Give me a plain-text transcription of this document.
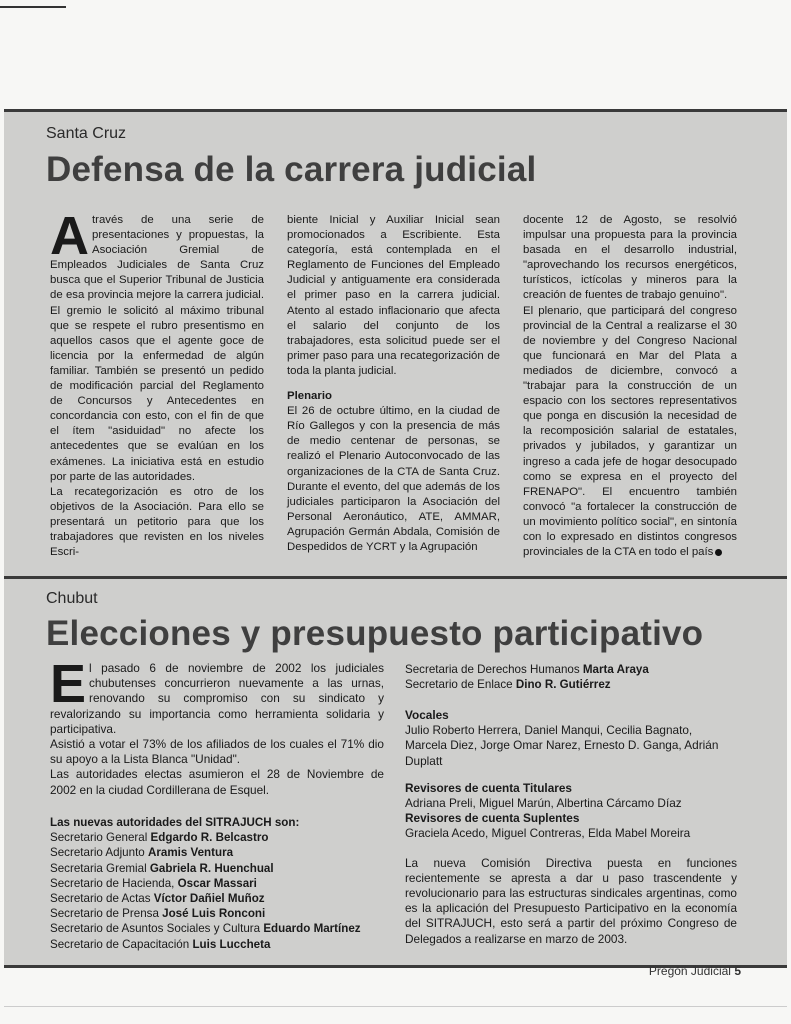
Santa Cruz
Defensa de la carrera judicial

Através de una serie de presentaciones y propuestas, la Asociación Gremial de Empleados Judiciales de Santa Cruz busca que el Superior Tribunal de Justicia de esa provincia mejore la carrera judicial. El gremio le solicitó al máximo tribunal que se respete el rubro presentismo en aquellos casos que el agente goce de licencia por la enfermedad de algún familiar. También se presentó un pedido de modificación parcial del Reglamento de Concursos y Antecedentes en concordancia con esto, con el fin de que el ítem "asiduidad" no afecte los antecedentes que se evalúan en los exámenes. La iniciativa está en estudio por parte de las autoridades.

La recategorización es otro de los objetivos de la Asociación. Para ello se presentará un petitorio para que los trabajadores que revisten en los niveles Escri-

biente Inicial y Auxiliar Inicial sean promocionados a Escribiente. Esta categoría, está contemplada en el Reglamento de Funciones del Empleado Judicial y antiguamente era considerada el primer paso en la carrera judicial. Atento al estado inflacionario que afecta el salario del conjunto de los trabajadores, esta solicitud puede ser el primer paso para una recategorización de toda la planta judicial.

Plenario

El 26 de octubre último, en la ciudad de Río Gallegos y con la presencia de más de medio centenar de personas, se realizó el Plenario Autoconvocado de las organizaciones de la CTA de Santa Cruz. Durante el evento, del que además de los judiciales participaron la Asociación del Personal Aeronáutico, ATE, AMMAR, Agrupación Germán Abdala, Comisión de Despedidos de YCRT y la Agrupación

docente 12 de Agosto, se resolvió impulsar una propuesta para la provincia basada en el desarrollo industrial, "aprovechando los recursos energéticos, turísticos, ictícolas y mineros para la creación de fuentes de trabajo genuino".

El plenario, que participará del congreso provincial de la Central a realizarse el 30 de noviembre y del Congreso Nacional que funcionará en Mar del Plata a mediados de diciembre, convocó a "trabajar para la construcción de un espacio con los sectores representativos que ponga en discusión la necesidad de la recomposición salarial de estatales, privados y jubilados, y garantizar un ingreso a cada jefe de hogar desocupado como se expresa en el proyecto del FRENAPO". El encuentro también convocó "a fortalecer la construcción de un movimiento político social", en sintonía con lo expresado en distintos congresos provinciales de la CTA en todo el país

Chubut
Elecciones y presupuesto participativo

El pasado 6 de noviembre de 2002 los judiciales chubutenses concurrieron nuevamente a las urnas, renovando su compromiso con su sindicato y revalorizando su importancia como herramienta solidaria y participativa.

Asistió a votar el 73% de los afiliados de los cuales el 71% dio su apoyo a la Lista Blanca "Unidad".

Las autoridades electas asumieron el 28 de Noviembre de 2002 en la ciudad Cordillerana de Esquel.

Las nuevas autoridades del SITRAJUCH son:
Secretario General Edgardo R. Belcastro
Secretario Adjunto Aramis Ventura
Secretaria Gremial Gabriela R. Huenchual
Secretario de Hacienda, Oscar Massari
Secretario de Actas Víctor Dañiel Muñoz
Secretario de Prensa José Luis Ronconi
Secretario de Asuntos Sociales y Cultura Eduardo Martínez
Secretario de Capacitación Luis Luccheta
Secretaria de Derechos Humanos Marta Araya
Secretario de Enlace Dino R. Gutiérrez

Vocales

Julio Roberto Herrera, Daniel Manqui, Cecilia Bagnato, Marcela Diez, Jorge Omar Narez, Ernesto D. Ganga, Adrián Duplatt

Revisores de cuenta Titulares

Adriana Preli, Miguel Marún, Albertina Cárcamo Díaz

Revisores de cuenta Suplentes

Graciela Acedo, Miguel Contreras, Elda Mabel Moreira

La nueva Comisión Directiva puesta en funciones recientemente se apresta a dar u paso trascendente y revolucionario para las estructuras sindicales argentinas, como es la aplicación del Presupuesto Participativo en la economía del SITRAJUCH, esto será a partir del próximo Congreso de Delegados a realizarse en marzo de 2003.

Pregón Judicial 5
